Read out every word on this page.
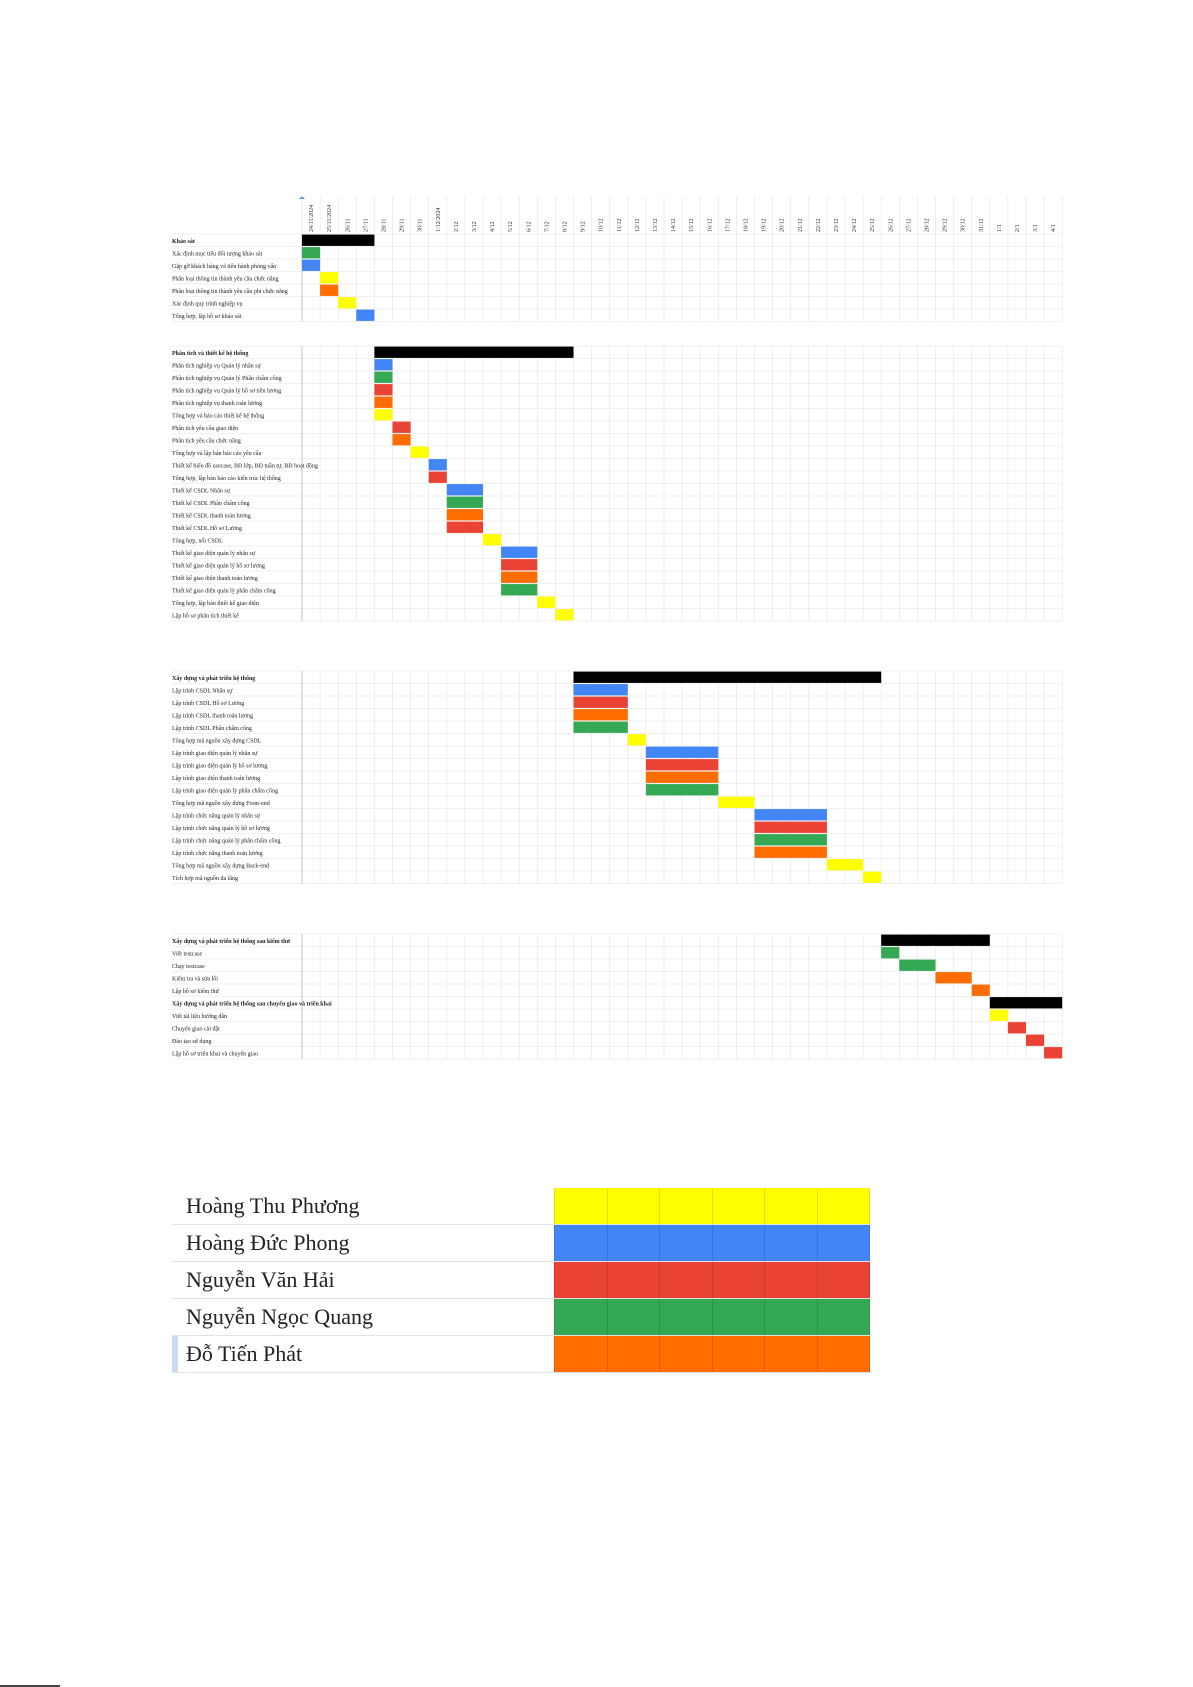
24/11/2024 25/11/2024 26/11 27/11 28/11 29/11 30/11 1/12/2024 2/12 3/12 4/12 5/12 6/12 7/12 8/12 9/12 10/12 11/12 12/12 13/12 14/12 15/12 16/12 17/12 18/12 19/12 20/12 21/12 22/12 23/12 24/12 25/12 26/12 27/12 28/12 29/12 30/12 31/12 1/1 2/1 3/1 4/1
Khảo sát
Xác định mục tiêu đối tượng khảo sát
Gặp gỡ khách hàng và tiến hành phỏng vấn
Phân loại thông tin thành yêu cầu chức năng
Phân loại thông tin thành yêu cầu phi chức năng
Xác định quy trình nghiệp vụ
Tổng hợp, lập hồ sơ khảo sát
Phân tích và thiết kế hệ thống
Phân tích nghiệp vụ Quản lý nhân sự
Phân tích nghiệp vụ Quản lý Phân chấm công
Phân tích nghiệp vụ Quản lý hồ sơ tiền lương
Phân tích nghiệp vụ thanh toán lương
Tổng hợp và báo cáo thiết kế hệ thống
Phân tích yêu cầu giao diện
Phân tích yêu cầu chức năng
Tổng hợp và lập bản báo cáo yêu cầu
Thiết kế biểu đồ usecase, BĐ lớp, BĐ tuần tự, BĐ hoạt động
Tổng hợp, lập bản báo cáo kiến trúc hệ thống
Thiết kế CSDL Nhân sự
Thiết kế CSDL Phân chấm công
Thiết kế CSDL thanh toán lương
Thiết kế CSDL Hồ sơ Lương
Tổng hợp, nối CSDL
Thiết kế giao diện quản lý nhân sự
Thiết kế giao diện quản lý hồ sơ lương
Thiết kế giao diện thanh toán lương
Thiết kế giao diện quản lý phân chấm công
Tổng hợp, lập bản thiết kế giao diện
Lập hồ sơ phân tích thiết kế
Xây dựng và phát triển hệ thống
Lập trình CSDL Nhân sự
Lập trình CSDL Hồ sơ Lương
Lập trình CSDL thanh toán lương
Lập trình CSDL Phân chấm công
Tổng hợp mã nguồn xây dựng CSDL
Lập trình giao diện quản lý nhân sự
Lập trình giao diện quản lý hồ sơ lương
Lập trình giao diện thanh toán lương
Lập trình giao diện quản lý phân chấm công
Tổng hợp mã nguồn xây dựng Front-end
Lập trình chức năng quản lý nhân sự
Lập trình chức năng quản lý hồ sơ lương
Lập trình chức năng quản lý phân chấm công
Lập trình chức năng thanh toán lương
Tổng hợp mã nguồn xây dựng Back-end
Tích hợp mã nguồn đa tầng
Xây dựng và phát triển hệ thống sau kiểm thử
Viết testcase
Chạy testcase
Kiểm tra và sửa lỗi
Lập hồ sơ kiểm thử
Xây dựng và phát triển hệ thống sau chuyển giao và triển khai
Viết tài liệu hướng dẫn
Chuyển giao cài đặt
Đào tạo sử dụng
Lập hồ sơ triển khai và chuyển giao
Hoàng Thu Phương
Hoàng Đức Phong
Nguyễn Văn Hải
Nguyễn Ngọc Quang
Đỗ Tiến Phát
